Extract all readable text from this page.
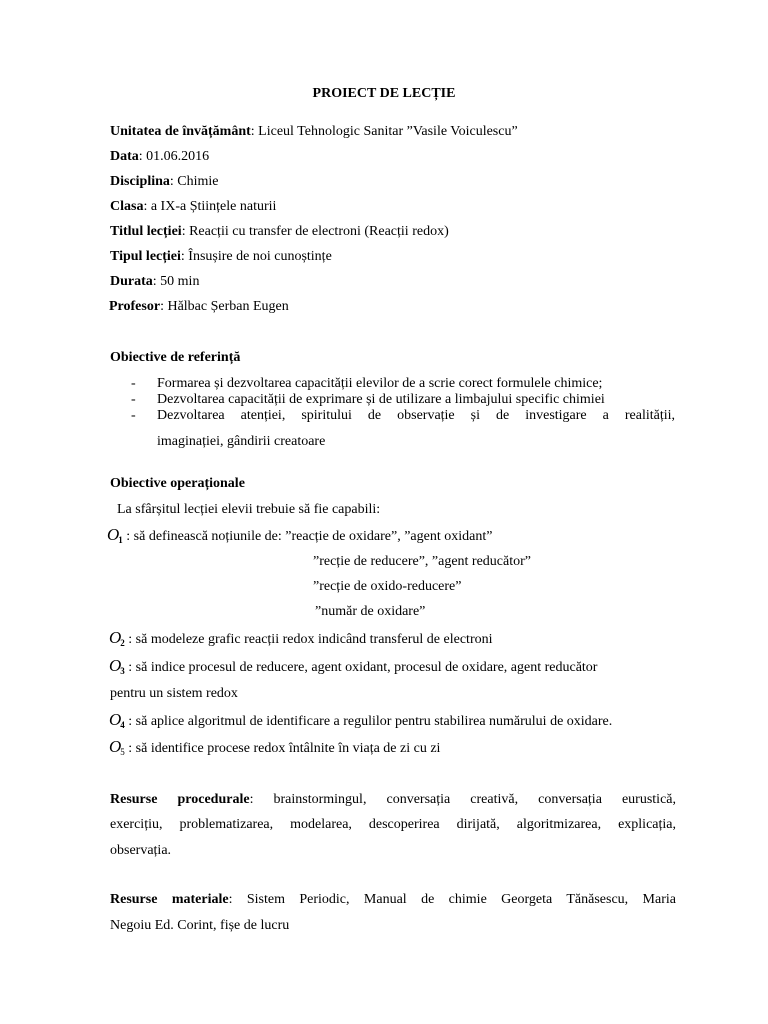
PROIECT DE LECȚIE
Unitatea de învățământ: Liceul Tehnologic Sanitar ”Vasile Voiculescu”
Data: 01.06.2016
Disciplina: Chimie
Clasa: a IX-a Științele naturii
Titlul lecției: Reacții cu transfer de electroni (Reacții redox)
Tipul lecției: Însușire de noi cunoștințe
Durata: 50 min
Profesor: Hălbac Șerban Eugen
Obiective de referință
- Formarea și dezvoltarea capacității elevilor de a scrie corect formulele chimice;
- Dezvoltarea capacității de exprimare și de utilizare a limbajului specific chimiei
- Dezvoltarea atenției, spiritului de observație și de investigare a realității,
imaginației, gândirii creatoare
Obiective operaționale
La sfârșitul lecției elevii trebuie să fie capabili:
$O_1$ : să definească noțiunile de: ”reacție de oxidare”, ”agent oxidant”
”recție de reducere”, ”agent reducător”
”recție de oxido-reducere”
”număr de oxidare”
$O_2$ : să modeleze grafic reacții redox indicând transferul de electroni
$O_3$ : să indice procesul de reducere, agent oxidant, procesul de oxidare, agent reducător
pentru un sistem redox
$O_4$ : să aplice algoritmul de identificare a regulilor pentru stabilirea numărului de oxidare.
$O_5$ : să identifice procese redox întâlnite în viața de zi cu zi
Resurse procedurale: brainstormingul, conversația creativă, conversația eurustică,
exercițiu, problematizarea, modelarea, descoperirea dirijată, algoritmizarea, explicația,
observația.
Resurse materiale: Sistem Periodic, Manual de chimie Georgeta Tănăsescu, Maria
Negoiu Ed. Corint, fișe de lucru
